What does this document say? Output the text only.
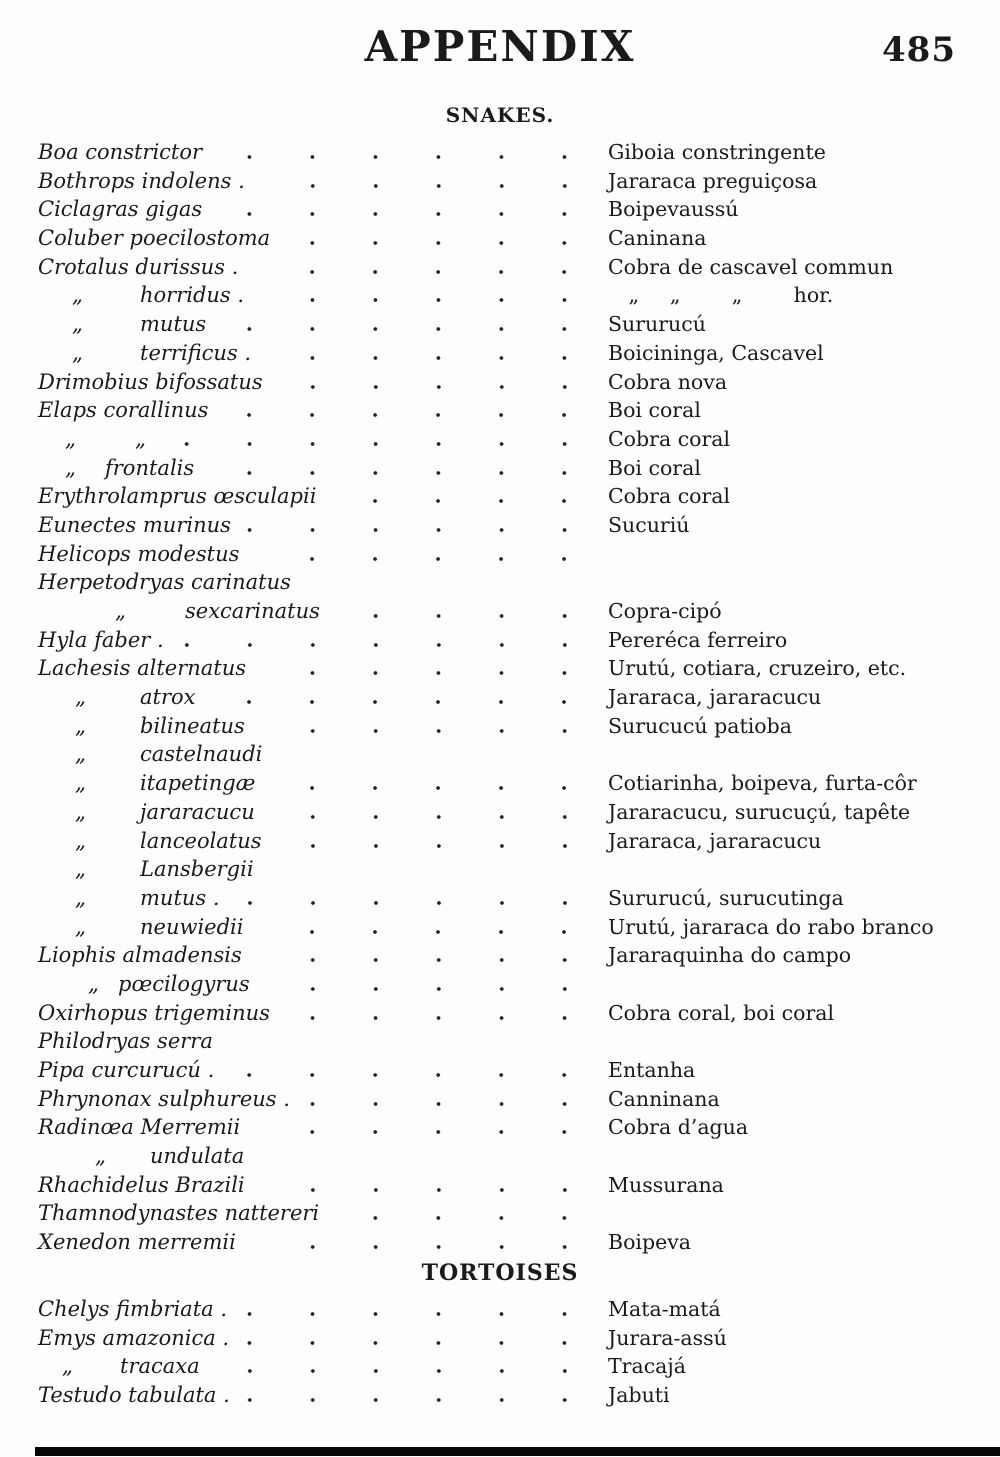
APPENDIX	485
SNAKES.
Boa constrictor	Giboia constringente
Bothrops indolens .	Jararaca preguiçosa
Ciclagras gigas	Boipevaussú
Coluber poecilostoma	Caninana
Crotalus durissus .	Cobra de cascavel commun
„	horridus .	  „  „   „   hor.
„	mutus	Sururucú
„	terrificus .	Boicininga, Cascavel
Drimobius bifossatus	Cobra nova
Elaps corallinus	Boi coral
„	„	Cobra coral
„ frontalis	Boi coral
Erythrolamprus œsculapii	Cobra coral
Eunectes murinus	Sucuriú
Helicops modestus
Herpetodryas carinatus
„	sexcarinatus	Copra-cipó
Hyla faber .	Pereréca ferreiro
Lachesis alternatus	Urutú, cotiara, cruzeiro, etc.
„	atrox	Jararaca, jararacucu
„	bilineatus	Surucucú patioba
„	castelnaudi
„	itapetingæ	Cotiarinha, boipeva, furta-côr
„	jararacucu	Jararacucu, surucuçú, tapête
„	lanceolatus	Jararaca, jararacucu
„	Lansbergii
„	mutus .	Sururucú, surucutinga
„	neuwiedii	Urutú, jararaca do rabo branco
Liophis almadensis	Jararaquinha do campo
„ pœcilogyrus
Oxirhopus trigeminus	Cobra coral, boi coral
Philodryas serra
Pipa curcurucú .	Entanha
Phrynonax sulphureus .	Canninana
Radinœa Merremii	Cobra d’agua
„ undulata
Rhachidelus Brazili	Mussurana
Thamnodynastes nattereri
Xenedon merremii	Boipeva
TORTOISES
Chelys fimbriata .	Mata-matá
Emys amazonica .	Jurara-assú
„ tracaxa	Tracajá
Testudo tabulata .	Jabuti
